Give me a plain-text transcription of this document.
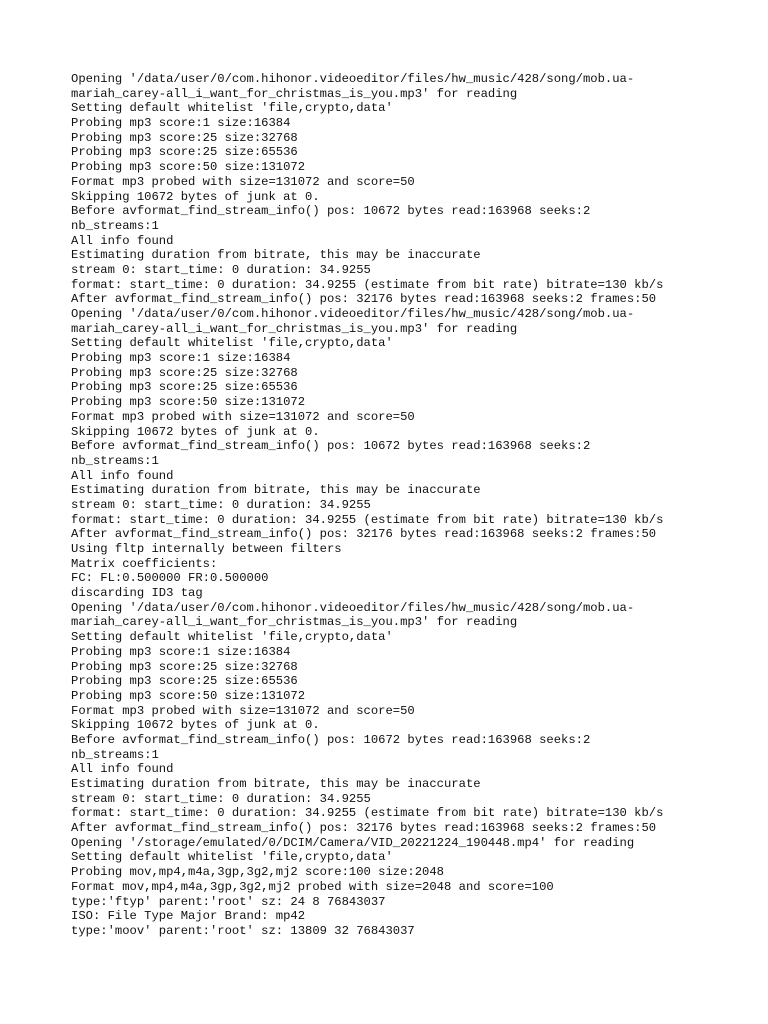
Opening '/data/user/0/com.hihonor.videoeditor/files/hw_music/428/song/mob.ua-
mariah_carey-all_i_want_for_christmas_is_you.mp3' for reading
Setting default whitelist 'file,crypto,data'
Probing mp3 score:1 size:16384
Probing mp3 score:25 size:32768
Probing mp3 score:25 size:65536
Probing mp3 score:50 size:131072
Format mp3 probed with size=131072 and score=50
Skipping 10672 bytes of junk at 0.
Before avformat_find_stream_info() pos: 10672 bytes read:163968 seeks:2
nb_streams:1
All info found
Estimating duration from bitrate, this may be inaccurate
stream 0: start_time: 0 duration: 34.9255
format: start_time: 0 duration: 34.9255 (estimate from bit rate) bitrate=130 kb/s
After avformat_find_stream_info() pos: 32176 bytes read:163968 seeks:2 frames:50
Opening '/data/user/0/com.hihonor.videoeditor/files/hw_music/428/song/mob.ua-
mariah_carey-all_i_want_for_christmas_is_you.mp3' for reading
Setting default whitelist 'file,crypto,data'
Probing mp3 score:1 size:16384
Probing mp3 score:25 size:32768
Probing mp3 score:25 size:65536
Probing mp3 score:50 size:131072
Format mp3 probed with size=131072 and score=50
Skipping 10672 bytes of junk at 0.
Before avformat_find_stream_info() pos: 10672 bytes read:163968 seeks:2
nb_streams:1
All info found
Estimating duration from bitrate, this may be inaccurate
stream 0: start_time: 0 duration: 34.9255
format: start_time: 0 duration: 34.9255 (estimate from bit rate) bitrate=130 kb/s
After avformat_find_stream_info() pos: 32176 bytes read:163968 seeks:2 frames:50
Using fltp internally between filters
Matrix coefficients:
FC: FL:0.500000 FR:0.500000
discarding ID3 tag
Opening '/data/user/0/com.hihonor.videoeditor/files/hw_music/428/song/mob.ua-
mariah_carey-all_i_want_for_christmas_is_you.mp3' for reading
Setting default whitelist 'file,crypto,data'
Probing mp3 score:1 size:16384
Probing mp3 score:25 size:32768
Probing mp3 score:25 size:65536
Probing mp3 score:50 size:131072
Format mp3 probed with size=131072 and score=50
Skipping 10672 bytes of junk at 0.
Before avformat_find_stream_info() pos: 10672 bytes read:163968 seeks:2
nb_streams:1
All info found
Estimating duration from bitrate, this may be inaccurate
stream 0: start_time: 0 duration: 34.9255
format: start_time: 0 duration: 34.9255 (estimate from bit rate) bitrate=130 kb/s
After avformat_find_stream_info() pos: 32176 bytes read:163968 seeks:2 frames:50
Opening '/storage/emulated/0/DCIM/Camera/VID_20221224_190448.mp4' for reading
Setting default whitelist 'file,crypto,data'
Probing mov,mp4,m4a,3gp,3g2,mj2 score:100 size:2048
Format mov,mp4,m4a,3gp,3g2,mj2 probed with size=2048 and score=100
type:'ftyp' parent:'root' sz: 24 8 76843037
ISO: File Type Major Brand: mp42
type:'moov' parent:'root' sz: 13809 32 76843037
